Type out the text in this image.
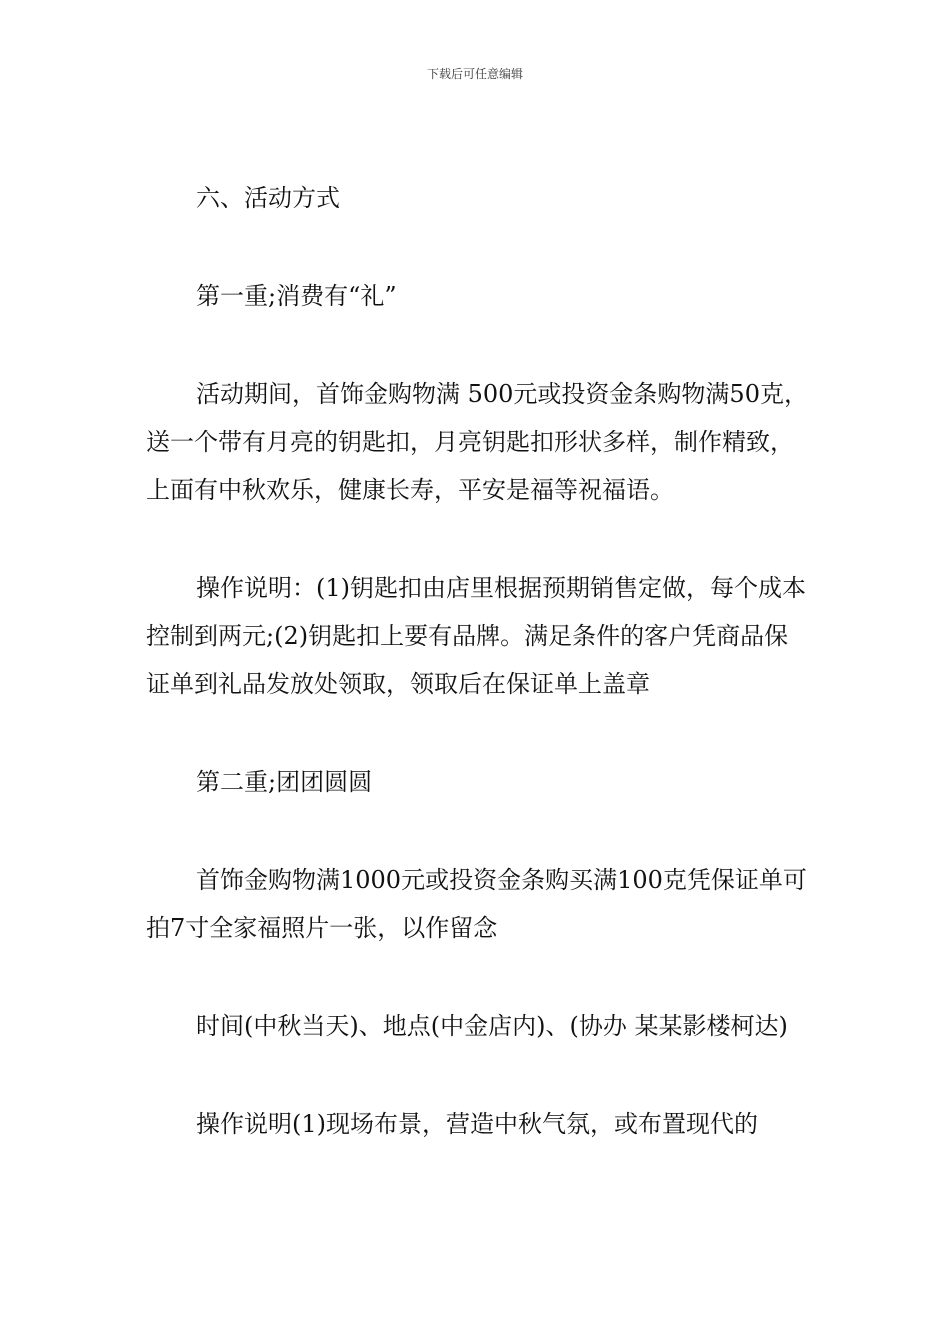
下载后可任意编辑

六、活动方式

第一重;消费有“礼”

活动期间，首饰金购物满 500元或投资金条购物满50克，送一个带有月亮的钥匙扣，月亮钥匙扣形状多样，制作精致，上面有中秋欢乐，健康长寿，平安是福等祝福语。

操作说明：(1)钥匙扣由店里根据预期销售定做，每个成本控制到两元;(2)钥匙扣上要有品牌。满足条件的客户凭商品保证单到礼品发放处领取，领取后在保证单上盖章

第二重;团团圆圆

首饰金购物满1000元或投资金条购买满100克凭保证单可拍7寸全家福照片一张，以作留念

时间(中秋当天)、地点(中金店内)、(协办 某某影楼柯达)

操作说明(1)现场布景，营造中秋气氛，或布置现代的
